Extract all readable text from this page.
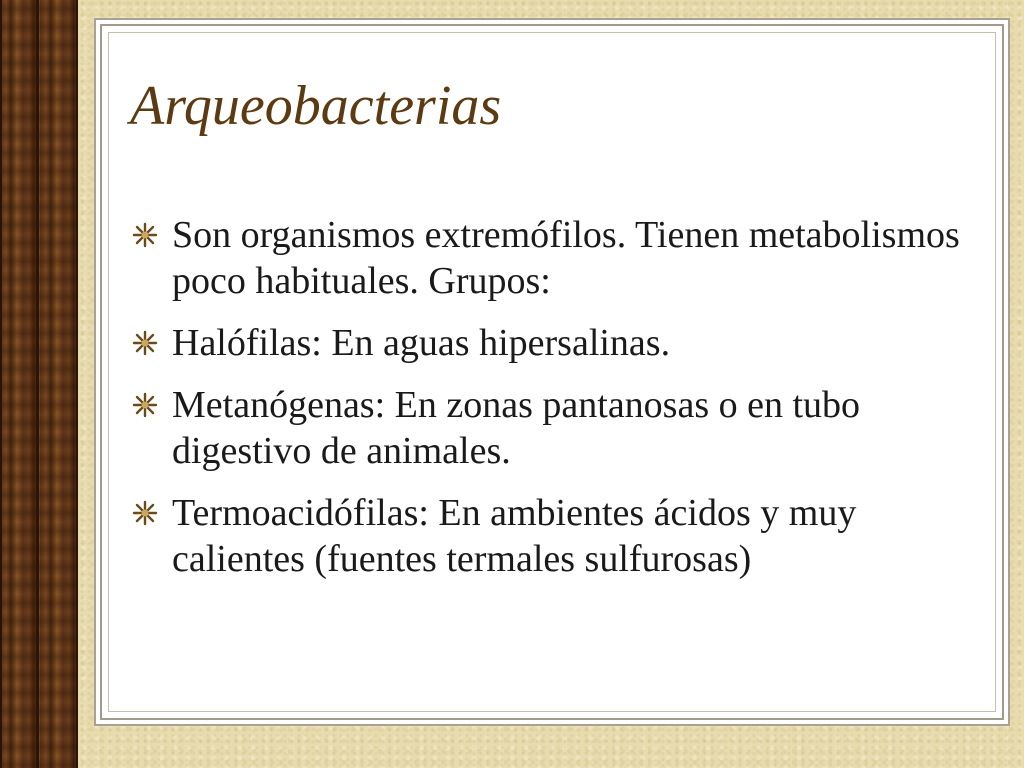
Arqueobacterias
Son organismos extremófilos. Tienen metabolismos poco habituales. Grupos:
Halófilas: En aguas hipersalinas.
Metanógenas: En zonas pantanosas o en tubo digestivo de animales.
Termoacidófilas: En ambientes ácidos y muy calientes (fuentes termales sulfurosas)
